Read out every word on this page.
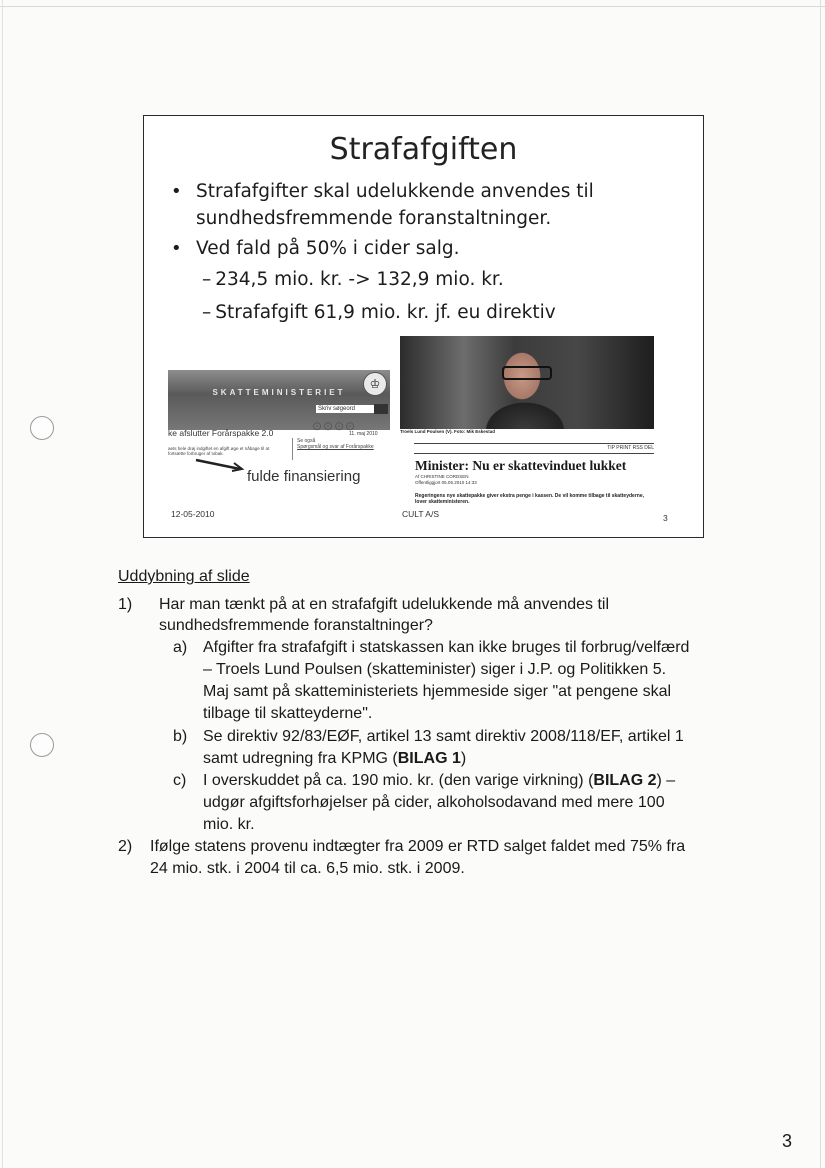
Strafafgiften
• Strafafgifter skal udelukkende anvendes til sundhedsfremmende foranstaltninger.
• Ved fald på 50% i cider salg.
– 234,5 mio. kr. -> 132,9 mio. kr.
– Strafafgift 61,9 mio. kr. jf. eu direktiv
SKATTEMINISTERIET
♔
Skriv søgeord
11. maj 2010
ke afslutter Forårspakke 2.0	⊙⊙⊙⊙
aets hele drøj indgiftet en afgift øge et nåbage til at fortsætte forbruger af tobak.
Se også
Spørgsmål og svar af Forårspakke
fulde finansiering
12-05-2010
Troels Lund Poulsen (V). Foto: Mik Eskestad
TIP PRINT RSS DEL
Minister: Nu er skattevinduet lukket
Af CHRISTINE CORDSEN
Offentliggjort 05.05.2010 14:33
Regeringens nye skattepakke giver ekstra penge i kassen. De vil komme tilbage til skatteyderne, lover skatteministeren.
CULT A/S	3
Uddybning af slide
1) Har man tænkt på at en strafafgift udelukkende må anvendes til
sundhedsfremmende foranstaltninger?
a) Afgifter fra strafafgift i statskassen kan ikke bruges til forbrug/velfærd
– Troels Lund Poulsen (skatteminister) siger i J.P. og Politikken 5.
Maj samt på skatteministeriets hjemmeside siger "at pengene skal
tilbage til skatteyderne".
b) Se direktiv 92/83/EØF, artikel 13 samt direktiv 2008/118/EF, artikel 1
samt udregning fra KPMG (BILAG 1)
c) I overskuddet på ca. 190 mio. kr. (den varige virkning) (BILAG 2) –
udgør afgiftsforhøjelser på cider, alkoholsodavand med mere 100
mio. kr.
2) Ifølge statens provenu indtægter fra 2009 er RTD salget faldet med 75% fra
24 mio. stk. i 2004 til ca. 6,5 mio. stk. i 2009.
3
